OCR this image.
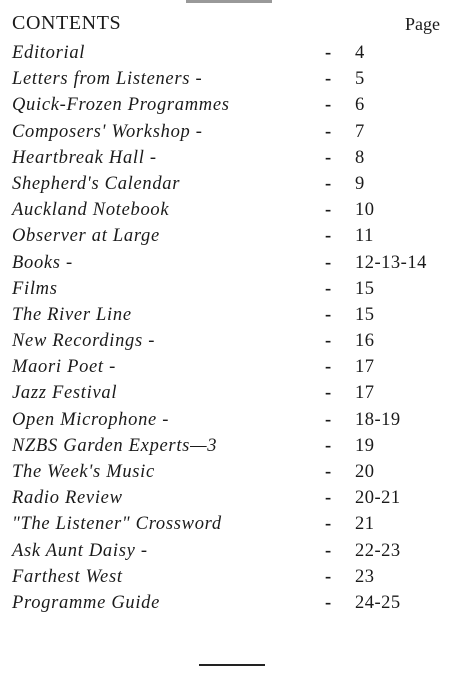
CONTENTS	Page
Editorial	- 4
Letters from Listeners -	- 5
Quick-Frozen Programmes	- 6
Composers' Workshop -	- 7
Heartbreak Hall -	- 8
Shepherd's Calendar	- 9
Auckland Notebook	- 10
Observer at Large	- 11
Books -	- 12-13-14
Films	- 15
The River Line	- 15
New Recordings -	- 16
Maori Poet -	- 17
Jazz Festival	- 17
Open Microphone -	- 18-19
NZBS Garden Experts—3	- 19
The Week's Music	- 20
Radio Review	- 20-21
"The Listener" Crossword	- 21
Ask Aunt Daisy -	- 22-23
Farthest West	- 23
Programme Guide	- 24-25
